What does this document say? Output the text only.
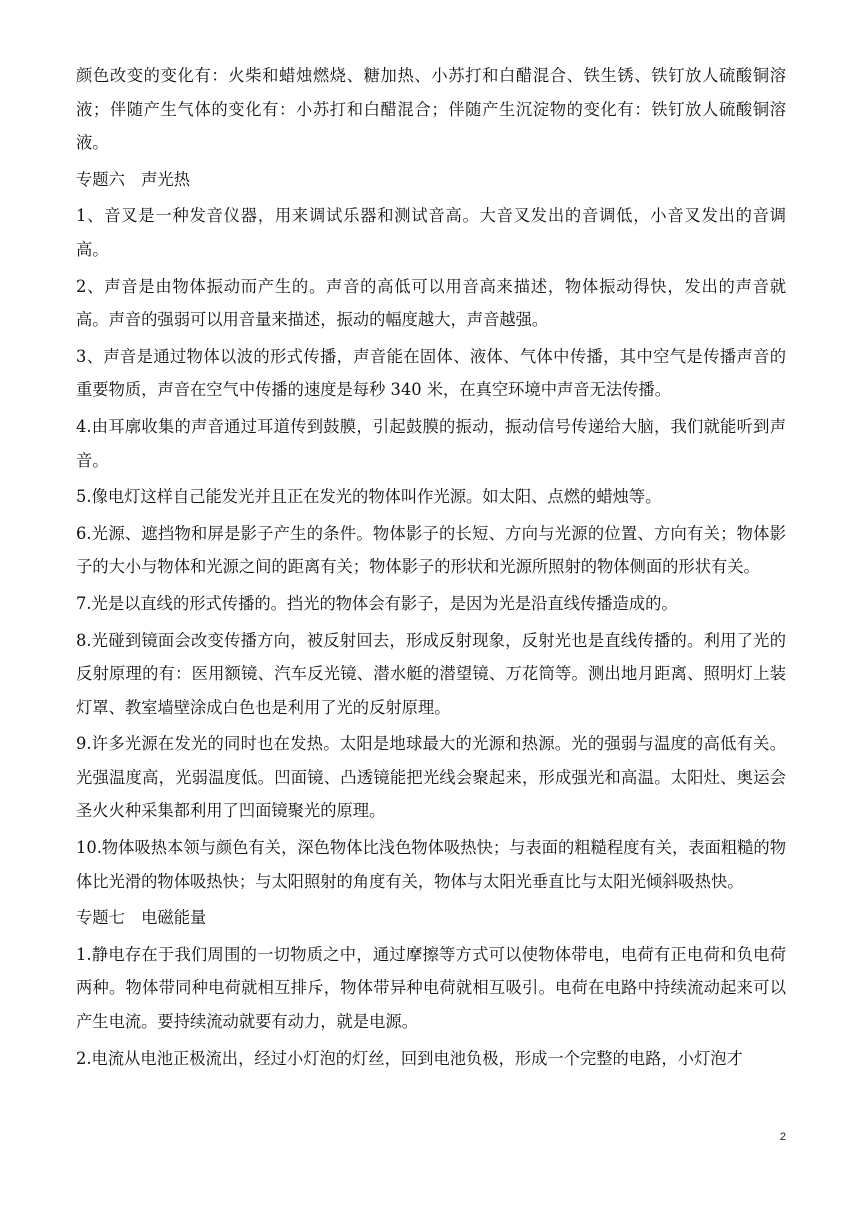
颜色改变的变化有：火柴和蜡烛燃烧、糖加热、小苏打和白醋混合、铁生锈、铁钉放人硫酸铜溶液；伴随产生气体的变化有：小苏打和白醋混合；伴随产生沉淀物的变化有：铁钉放人硫酸铜溶液。

专题六　声光热

1、音叉是一种发音仪器，用来调试乐器和测试音高。大音叉发出的音调低，小音叉发出的音调高。

2、声音是由物体振动而产生的。声音的高低可以用音高来描述，物体振动得快，发出的声音就高。声音的强弱可以用音量来描述，振动的幅度越大，声音越强。

3、声音是通过物体以波的形式传播，声音能在固体、液体、气体中传播，其中空气是传播声音的重要物质，声音在空气中传播的速度是每秒 340 米，在真空环境中声音无法传播。

4.由耳廓收集的声音通过耳道传到鼓膜，引起鼓膜的振动，振动信号传递给大脑，我们就能听到声音。

5.像电灯这样自己能发光并且正在发光的物体叫作光源。如太阳、点燃的蜡烛等。

6.光源、遮挡物和屏是影子产生的条件。物体影子的长短、方向与光源的位置、方向有关；物体影子的大小与物体和光源之间的距离有关；物体影子的形状和光源所照射的物体侧面的形状有关。

7.光是以直线的形式传播的。挡光的物体会有影子，是因为光是沿直线传播造成的。

8.光碰到镜面会改变传播方向，被反射回去，形成反射现象，反射光也是直线传播的。利用了光的反射原理的有：医用额镜、汽车反光镜、潜水艇的潜望镜、万花筒等。测出地月距离、照明灯上装灯罩、教室墙壁涂成白色也是利用了光的反射原理。

9.许多光源在发光的同时也在发热。太阳是地球最大的光源和热源。光的强弱与温度的高低有关。光强温度高，光弱温度低。凹面镜、凸透镜能把光线会聚起来，形成强光和高温。太阳灶、奥运会圣火火种采集都利用了凹面镜聚光的原理。

10.物体吸热本领与颜色有关，深色物体比浅色物体吸热快；与表面的粗糙程度有关，表面粗糙的物体比光滑的物体吸热快；与太阳照射的角度有关，物体与太阳光垂直比与太阳光倾斜吸热快。

专题七　电磁能量

1.静电存在于我们周围的一切物质之中，通过摩擦等方式可以使物体带电，电荷有正电荷和负电荷两种。物体带同种电荷就相互排斥，物体带异种电荷就相互吸引。电荷在电路中持续流动起来可以产生电流。要持续流动就要有动力，就是电源。

2.电流从电池正极流出，经过小灯泡的灯丝，回到电池负极，形成一个完整的电路，小灯泡才

2
